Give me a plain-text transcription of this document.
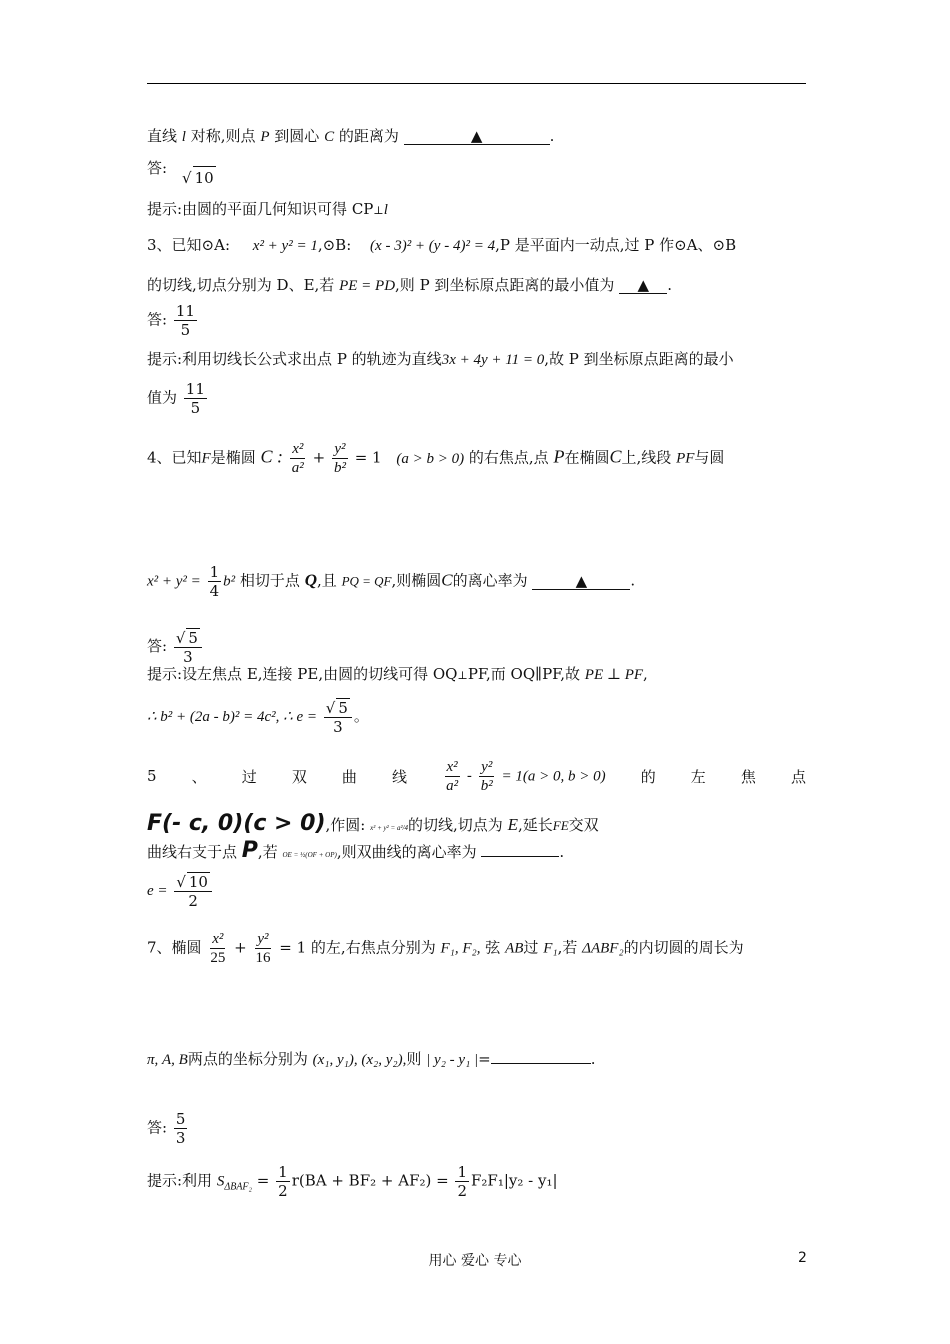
直线 l 对称,则点 P 到圆心 C 的距离为	▲	.
答:
√ 10
提示:由圆的平面几何知识可得 CP⊥l
3、已知⊙A: x² + y² = 1,⊙B: (x - 3)² + (y - 4)² = 4,P 是平面内一动点,过 P 作⊙A、⊙B
的切线,切点分别为 D、E,若 PE = PD,则 P 到坐标原点距离的最小值为 ▲ .
答: $\frac{11}{5}$
提示:利用切线长公式求出点 P 的轨迹为直线3x + 4y + 11 = 0,故 P 到坐标原点距离的最小
值为 $\frac{11}{5}$
4、已知F是椭圆 C : $\frac{\text{x²}}{\text{a²}} + \frac{\text{y²}}{\text{b²}} = 1$ (a > b > 0) 的右焦点,点 P在椭圆C上,线段 PF与圆
$x^2 + y^2 = \frac{1}{4} b^2$ 相切于点 Q,且 PQ = QF,则椭圆C的离心率为	▲	.
答: $\frac{√ 5}{3}$
提示:设左焦点 E,连接 PE,由圆的切线可得 OQ⊥PF,而 OQ∥PF,故 PE ⊥ PF,
∴ b² + (2a - b)² = 4c², ∴ $e = \frac{√ 5}{3}$ 。
5 、 过 双 曲 线 $\frac{\text{x²}}{\text{a²}} - \frac{\text{y²}}{\text{b²}} = 1(a > 0$, b > 0) 的 左 焦 点
F(- c, 0)(c > 0),作圆: x² + y² = a²/4的切线,切点为 E,延长FE交双
曲线右支于点 P,若 OE = ½(OF + OP),则双曲线的离心率为	.
$e = \frac{√ 10}{2}$
7、椭圆 $\frac{\text{x²}}{25} + \frac{\text{y²}}{16} = 1$ 的左,右焦点分别为 F₁, F₂, 弦 AB过 F₁,若 ΔABF₂的内切圆的周长为
π, A, B两点的坐标分别为 (x₁, y₁), (x₂, y₂),则 | y₂ - y₁ |=	.
答: $\frac{5}{3}$
提示:利用 $S_{\Delta BAF_2} = \frac{1}{2} r(BA + BF_2 + AF_2) = \frac{1}{2} F_2F_1|y_2 - y_1|$
用心 爱心 专心	2
